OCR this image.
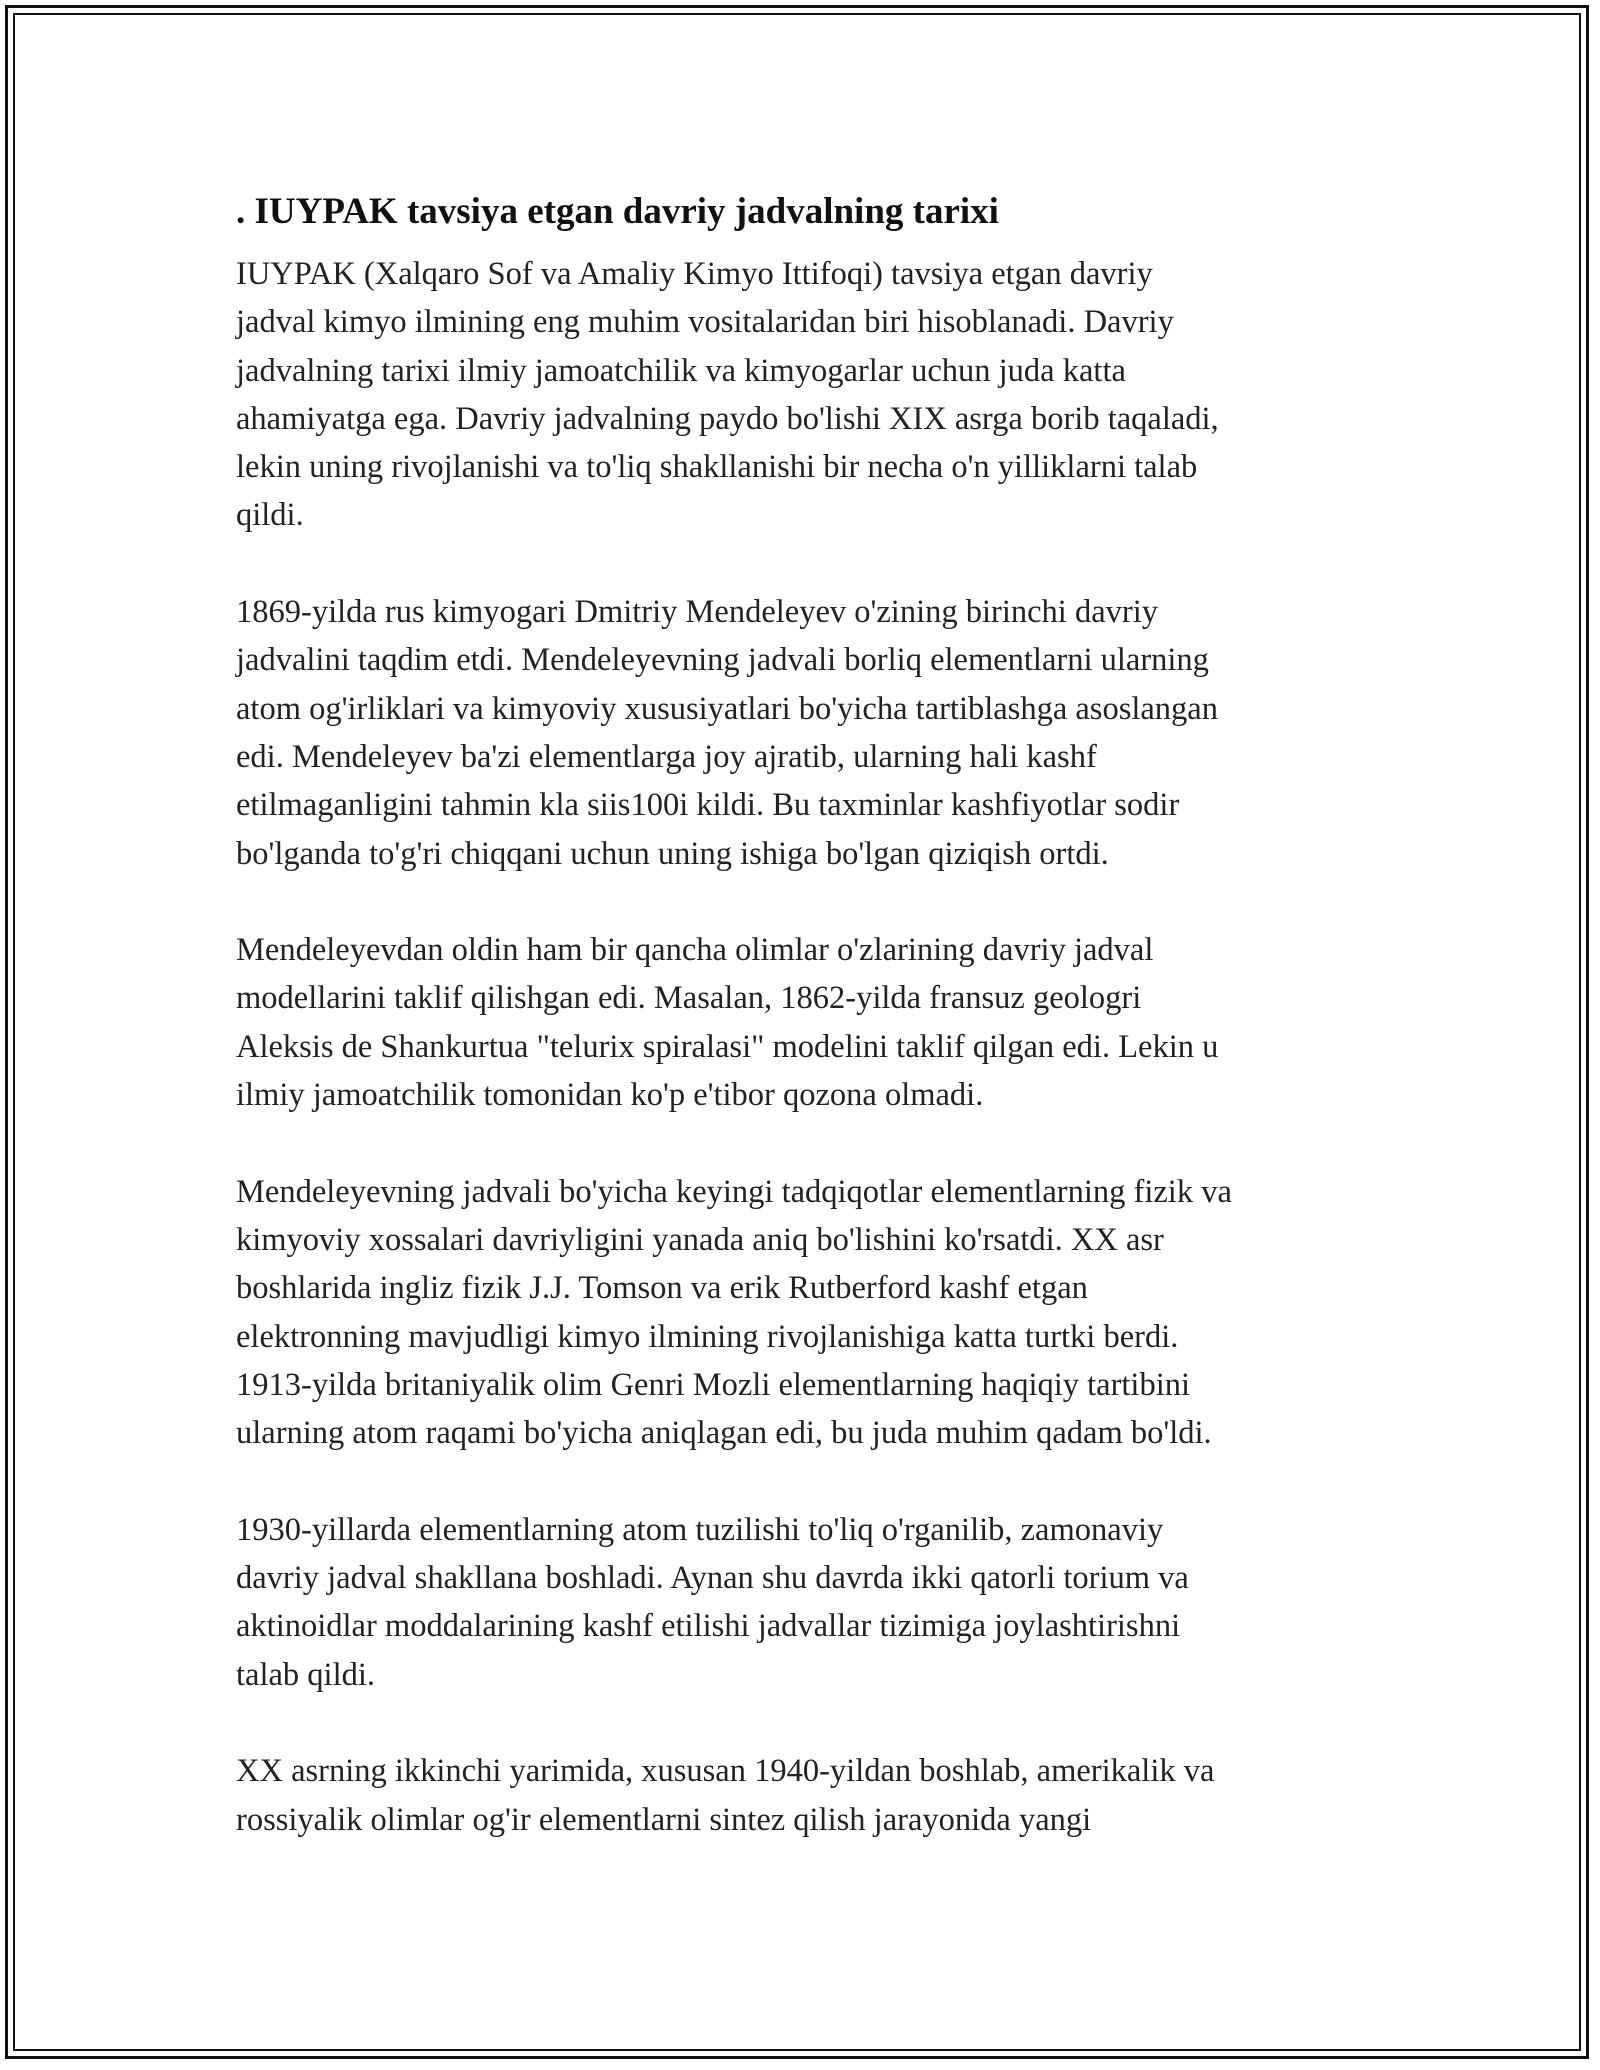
. IUYPAK tavsiya etgan davriy jadvalning tarixi

IUYPAK (Xalqaro Sof va Amaliy Kimyo Ittifoqi) tavsiya etgan davriy
jadval kimyo ilmining eng muhim vositalaridan biri hisoblanadi. Davriy
jadvalning tarixi ilmiy jamoatchilik va kimyogarlar uchun juda katta
ahamiyatga ega. Davriy jadvalning paydo bo'lishi XIX asrga borib taqaladi,
lekin uning rivojlanishi va to'liq shakllanishi bir necha o'n yilliklarni talab
qildi.

1869-yilda rus kimyogari Dmitriy Mendeleyev o'zining birinchi davriy
jadvalini taqdim etdi. Mendeleyevning jadvali borliq elementlarni ularning
atom og'irliklari va kimyoviy xususiyatlari bo'yicha tartiblashga asoslangan
edi. Mendeleyev ba'zi elementlarga joy ajratib, ularning hali kashf
etilmaganligini tahmin kla siis100i kildi. Bu taxminlar kashfiyotlar sodir
bo'lganda to'g'ri chiqqani uchun uning ishiga bo'lgan qiziqish ortdi.

Mendeleyevdan oldin ham bir qancha olimlar o'zlarining davriy jadval
modellarini taklif qilishgan edi. Masalan, 1862-yilda fransuz geologri
Aleksis de Shankurtua "telurix spiralasi" modelini taklif qilgan edi. Lekin u
ilmiy jamoatchilik tomonidan ko'p e'tibor qozona olmadi.

Mendeleyevning jadvali bo'yicha keyingi tadqiqotlar elementlarning fizik va
kimyoviy xossalari davriyligini yanada aniq bo'lishini ko'rsatdi. XX asr
boshlarida ingliz fizik J.J. Tomson va erik Rutberford kashf etgan
elektronning mavjudligi kimyo ilmining rivojlanishiga katta turtki berdi.
1913-yilda britaniyalik olim Genri Mozli elementlarning haqiqiy tartibini
ularning atom raqami bo'yicha aniqlagan edi, bu juda muhim qadam bo'ldi.

1930-yillarda elementlarning atom tuzilishi to'liq o'rganilib, zamonaviy
davriy jadval shakllana boshladi. Aynan shu davrda ikki qatorli torium va
aktinoidlar moddalarining kashf etilishi jadvallar tizimiga joylashtirishni
talab qildi.

XX asrning ikkinchi yarimida, xususan 1940-yildan boshlab, amerikalik va
rossiyalik olimlar og'ir elementlarni sintez qilish jarayonida yangi
